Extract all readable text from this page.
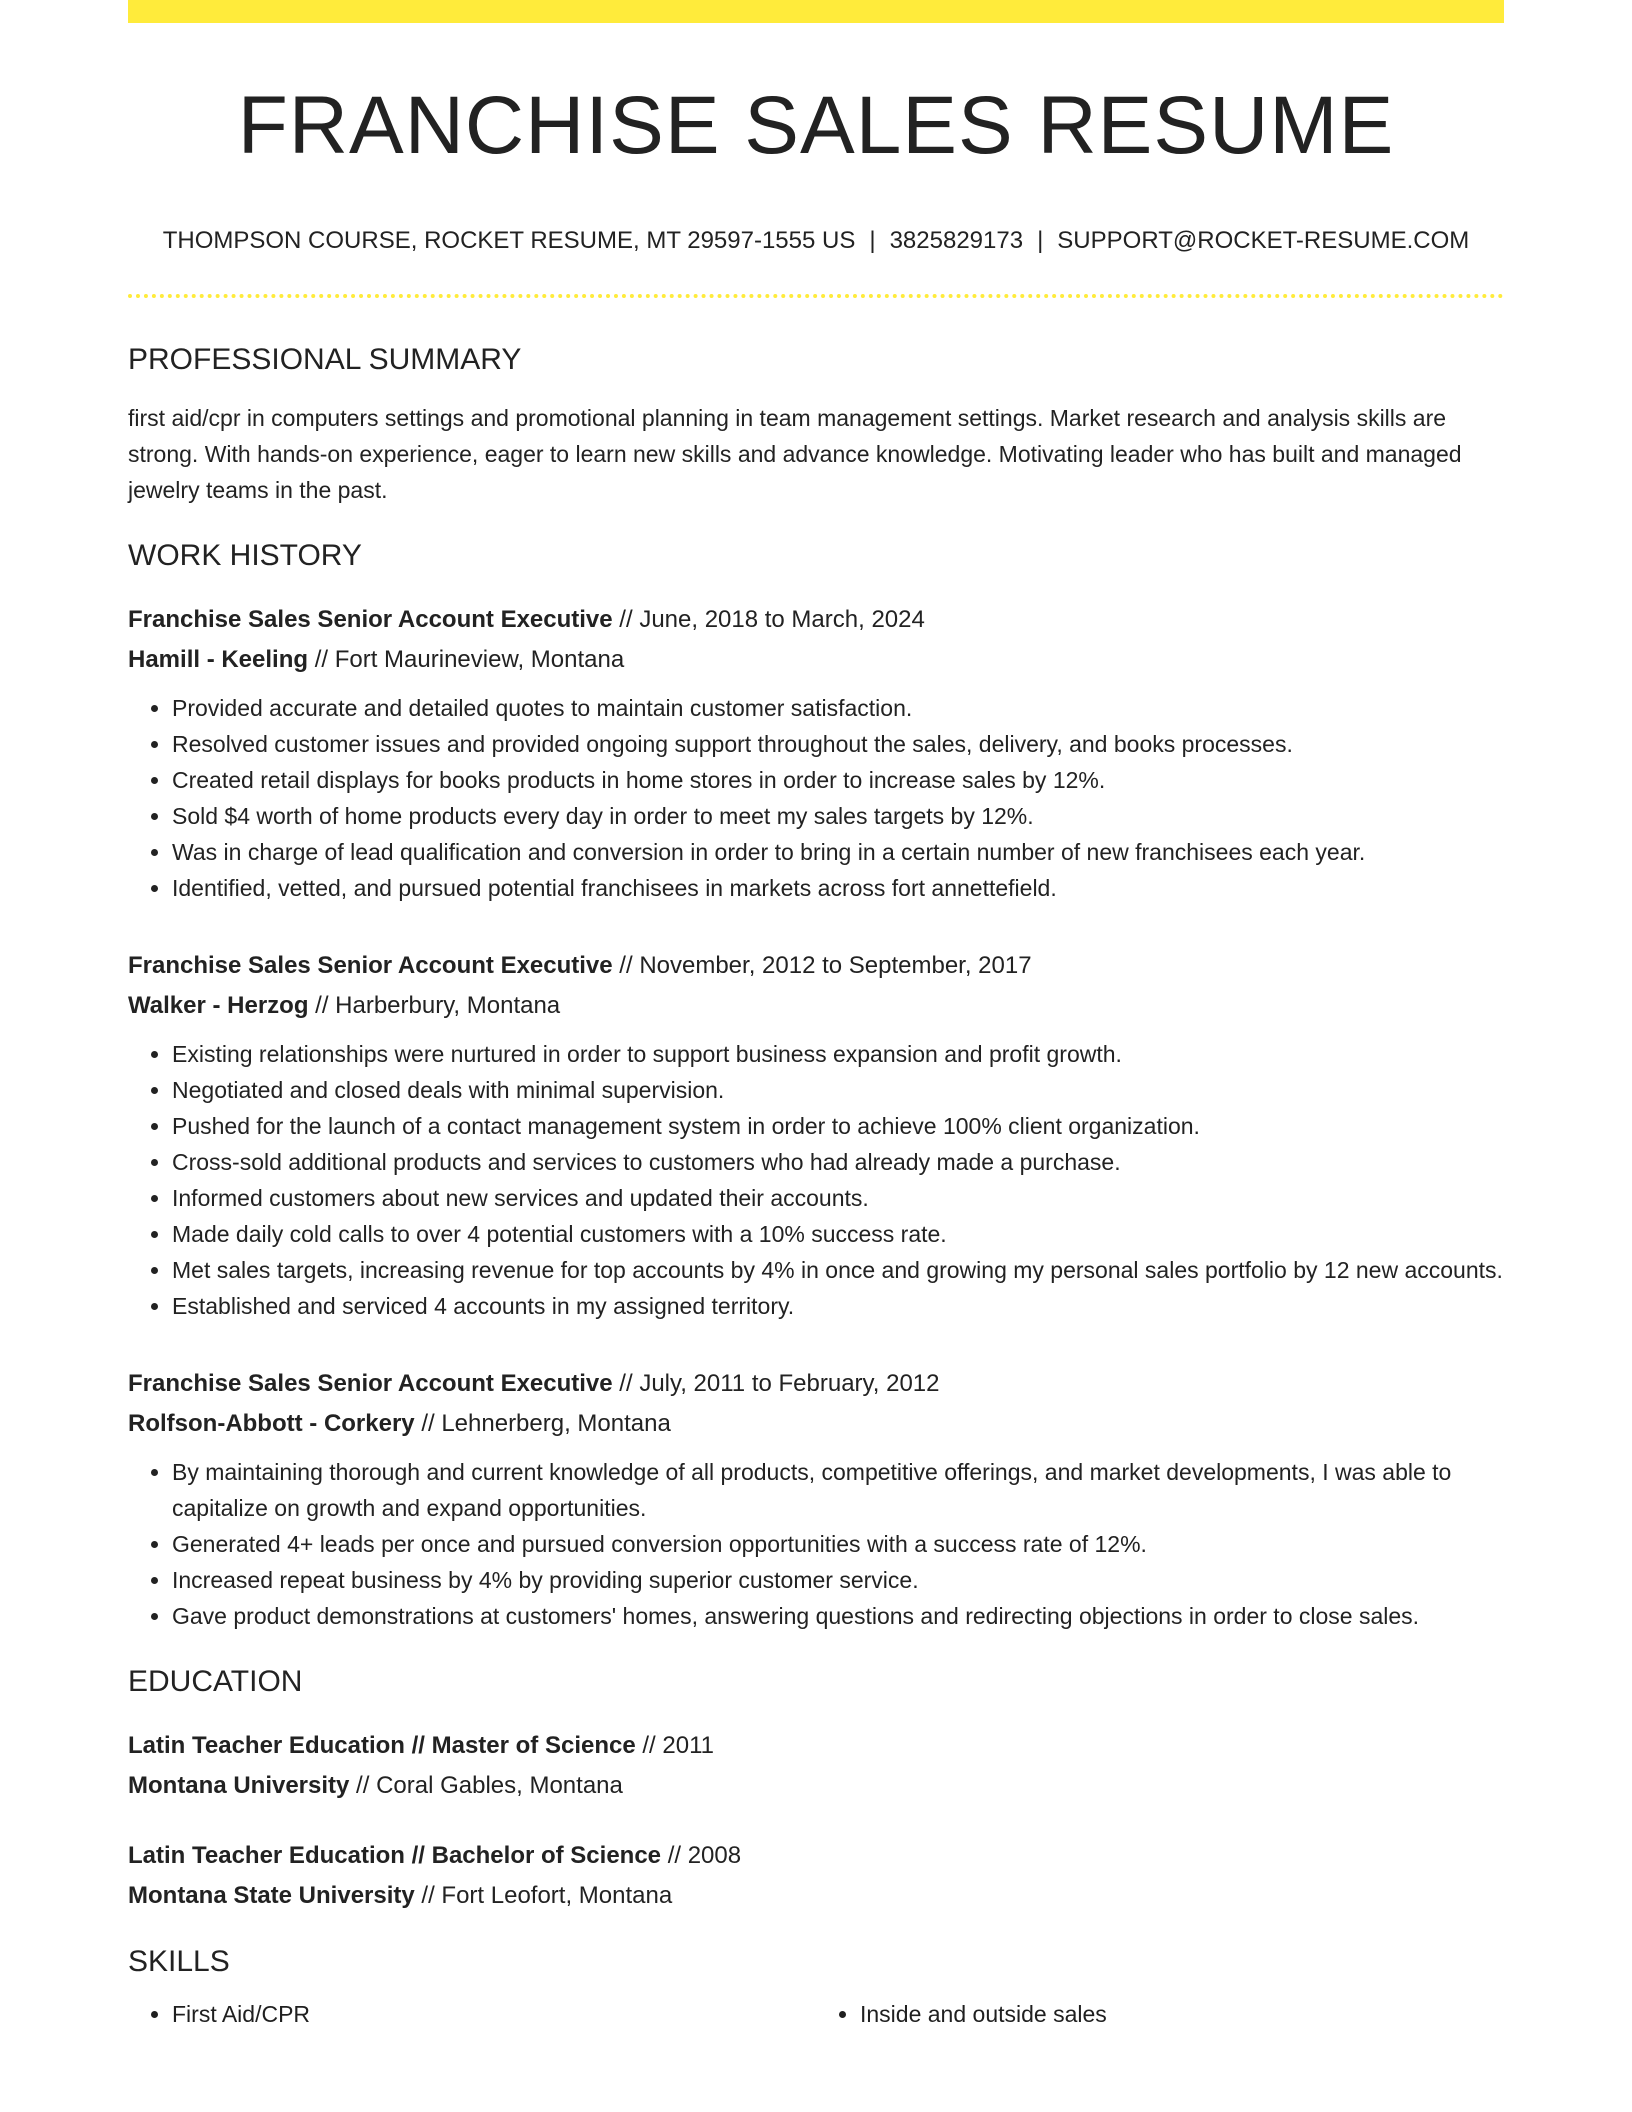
FRANCHISE SALES RESUME
THOMPSON COURSE, ROCKET RESUME, MT 29597-1555 US | 3825829173 | SUPPORT@ROCKET-RESUME.COM
PROFESSIONAL SUMMARY

first aid/cpr in computers settings and promotional planning in team management settings. Market research and analysis skills are strong. With hands-on experience, eager to learn new skills and advance knowledge. Motivating leader who has built and managed jewelry teams in the past.

WORK HISTORY
Franchise Sales Senior Account Executive // June, 2018 to March, 2024
Hamill - Keeling // Fort Maurineview, Montana
• Provided accurate and detailed quotes to maintain customer satisfaction.
• Resolved customer issues and provided ongoing support throughout the sales, delivery, and books processes.
• Created retail displays for books products in home stores in order to increase sales by 12%.
• Sold $4 worth of home products every day in order to meet my sales targets by 12%.
• Was in charge of lead qualification and conversion in order to bring in a certain number of new franchisees each year.
• Identified, vetted, and pursued potential franchisees in markets across fort annettefield.
Franchise Sales Senior Account Executive // November, 2012 to September, 2017
Walker - Herzog // Harberbury, Montana
• Existing relationships were nurtured in order to support business expansion and profit growth.
• Negotiated and closed deals with minimal supervision.
• Pushed for the launch of a contact management system in order to achieve 100% client organization.
• Cross-sold additional products and services to customers who had already made a purchase.
• Informed customers about new services and updated their accounts.
• Made daily cold calls to over 4 potential customers with a 10% success rate.
• Met sales targets, increasing revenue for top accounts by 4% in once and growing my personal sales portfolio by 12 new accounts.
• Established and serviced 4 accounts in my assigned territory.
Franchise Sales Senior Account Executive // July, 2011 to February, 2012
Rolfson-Abbott - Corkery // Lehnerberg, Montana
• By maintaining thorough and current knowledge of all products, competitive offerings, and market developments, I was able to capitalize on growth and expand opportunities.
• Generated 4+ leads per once and pursued conversion opportunities with a success rate of 12%.
• Increased repeat business by 4% by providing superior customer service.
• Gave product demonstrations at customers' homes, answering questions and redirecting objections in order to close sales.
EDUCATION
Latin Teacher Education // Master of Science // 2011
Montana University // Coral Gables, Montana
Latin Teacher Education // Bachelor of Science // 2008
Montana State University // Fort Leofort, Montana
SKILLS
• First Aid/CPR
•	Inside and outside sales
